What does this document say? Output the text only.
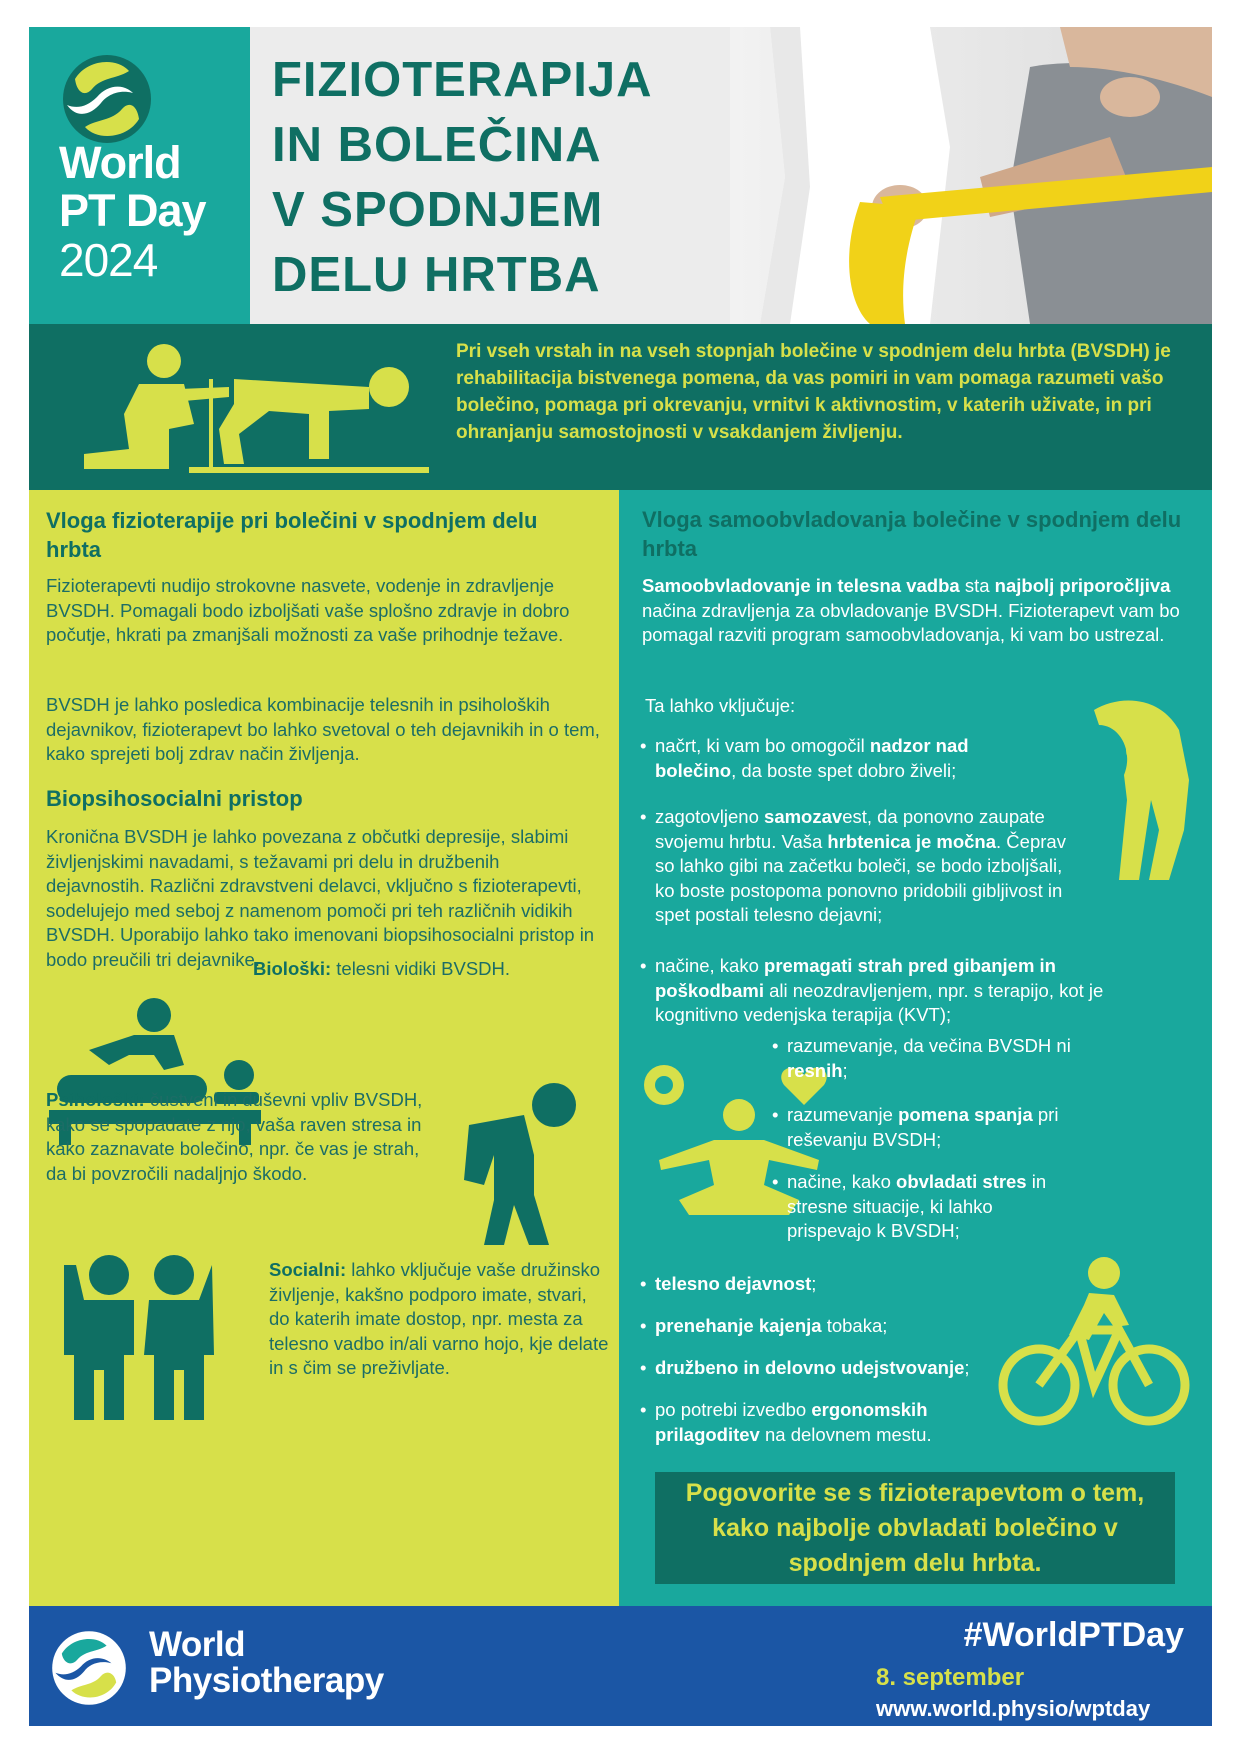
World
PT Day
2024
FIZIOTERAPIJA
IN BOLEČINA
V SPODNJEM
DELU HRTBA
Pri vseh vrstah in na vseh stopnjah bolečine v spodnjem delu hrbta (BVSDH) je rehabilitacija bistvenega pomena, da vas pomiri in vam pomaga razumeti vašo bolečino, pomaga pri okrevanju, vrnitvi k aktivnostim, v katerih uživate, in pri ohranjanju samostojnosti v vsakdanjem življenju.
Vloga fizioterapije pri bolečini v spodnjem delu hrbta
Fizioterapevti nudijo strokovne nasvete, vodenje in zdravljenje BVSDH. Pomagali bodo izboljšati vaše splošno zdravje in dobro počutje, hkrati pa zmanjšali možnosti za vaše prihodnje težave.
BVSDH je lahko posledica kombinacije telesnih in psiholoških dejavnikov, fizioterapevt bo lahko svetoval o teh dejavnikih in o tem, kako sprejeti bolj zdrav način življenja.
Biopsihosocialni pristop
Kronična BVSDH je lahko povezana z občutki depresije, slabimi življenjskimi navadami, s težavami pri delu in družbenih dejavnostih. Različni zdravstveni delavci, vključno s fizioterapevti, sodelujejo med seboj z namenom pomoči pri teh različnih vidikih BVSDH. Uporabijo lahko tako imenovani biopsihosocialni pristop in bodo preučili tri dejavnike.
Biološki: telesni vidiki BVSDH.
Psihološki: čustveni in duševni vpliv BVSDH, kako se spopadate z njo, vaša raven stresa in kako zaznavate bolečino, npr. če vas je strah, da bi povzročili nadaljnjo škodo.
Socialni: lahko vključuje vaše družinsko življenje, kakšno podporo imate, stvari, do katerih imate dostop, npr. mesta za telesno vadbo in/ali varno hojo, kje delate in s čim se preživljate.
Vloga samoobvladovanja bolečine v spodnjem delu hrbta
Samoobvladovanje in telesna vadba sta najbolj priporočljiva načina zdravljenja za obvladovanje BVSDH. Fizioterapevt vam bo pomagal razviti program samoobvladovanja, ki vam bo ustrezal.
Ta lahko vključuje:
• načrt, ki vam bo omogočil nadzor nad bolečino, da boste spet dobro živeli;
• zagotovljeno samozavest, da ponovno zaupate svojemu hrbtu. Vaša hrbtenica je močna. Čeprav so lahko gibi na začetku boleči, se bodo izboljšali, ko boste postopoma ponovno pridobili gibljivost in spet postali telesno dejavni;
• načine, kako premagati strah pred gibanjem in poškodbami ali neozdravljenjem, npr. s terapijo, kot je kognitivno vedenjska terapija (KVT);
• razumevanje, da večina BVSDH ni resnih;
• razumevanje pomena spanja pri reševanju BVSDH;
• načine, kako obvladati stres in stresne situacije, ki lahko prispevajo k BVSDH;
• telesno dejavnost;
• prenehanje kajenja tobaka;
• družbeno in delovno udejstvovanje;
• po potrebi izvedbo ergonomskih prilagoditev na delovnem mestu.
Pogovorite se s fizioterapevtom o tem, kako najbolje obvladati bolečino v spodnjem delu hrbta.
World
Physiotherapy
#WorldPTDay
8. september
www.world.physio/wptday
